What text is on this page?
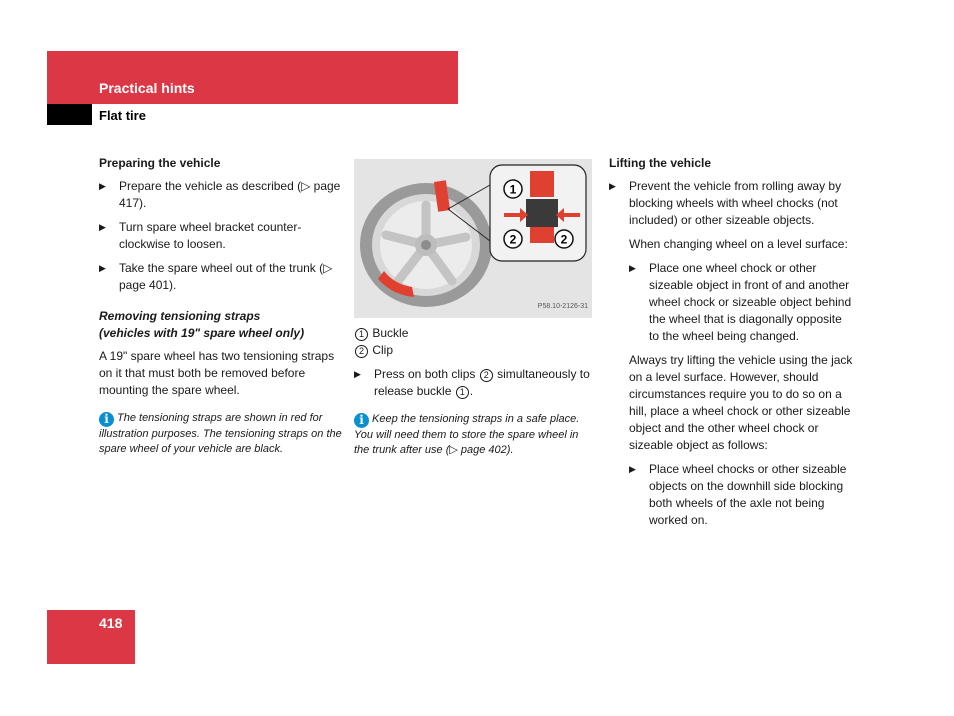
Practical hints
Flat tire
Preparing the vehicle
▶ Prepare the vehicle as described (▷ page 417).
▶ Turn spare wheel bracket counter-clockwise to loosen.
▶ Take the spare wheel out of the trunk (▷ page 401).
Removing tensioning straps
(vehicles with 19" spare wheel only)

A 19" spare wheel has two tensioning straps on it that must both be removed before mounting the spare wheel.

i The tensioning straps are shown in red for illustration purposes. The tensioning straps on the spare wheel of your vehicle are black.
1
2	2
P58.10-2126-31
1 Buckle
2 Clip
▶ Press on both clips 2 simultaneously to release buckle 1 .
i Keep the tensioning straps in a safe place. You will need them to store the spare wheel in the trunk after use (▷ page 402).
Lifting the vehicle
▶ Prevent the vehicle from rolling away by blocking wheels with wheel chocks (not included) or other sizeable objects.
When changing wheel on a level surface:
▶ Place one wheel chock or other sizeable object in front of and another wheel chock or sizeable object behind the wheel that is diagonally opposite to the wheel being changed.
Always try lifting the vehicle using the jack on a level surface. However, should circumstances require you to do so on a hill, place a wheel chock or other sizeable object and the other wheel chock or sizeable object as follows:
▶ Place wheel chocks or other sizeable objects on the downhill side blocking both wheels of the axle not being worked on.
418
